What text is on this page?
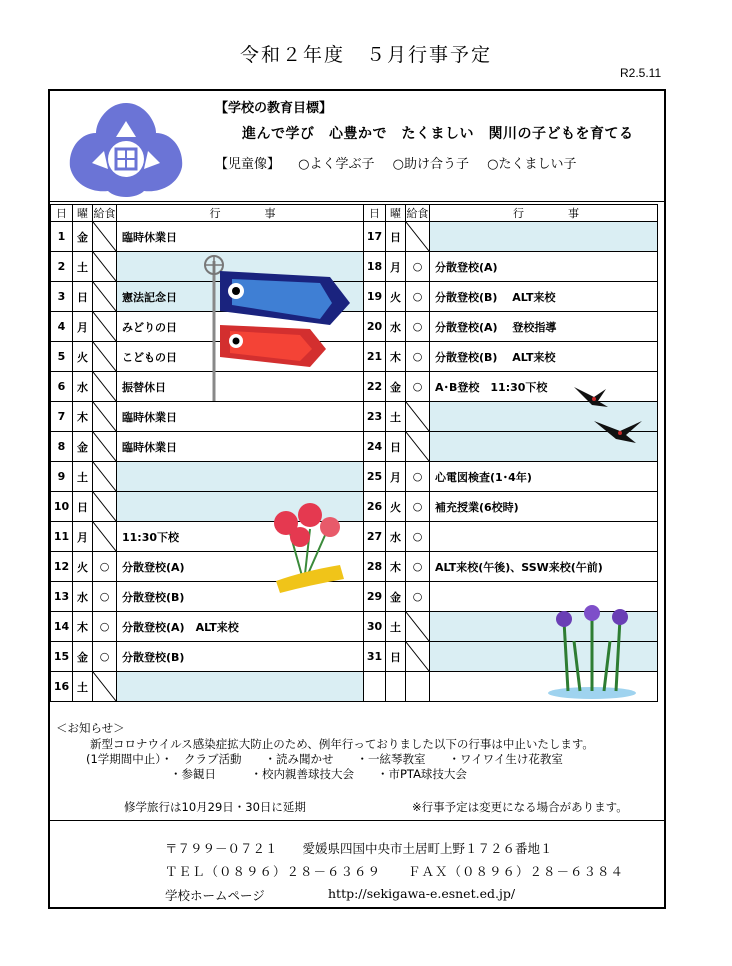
令和２年度　５月行事予定
R2.5.11
【学校の教育目標】
進んで学び　心豊かで　たくましい　関川の子どもを育てる
【児童像】 ○よく学ぶ子 ○助け合う子 ○たくましい子
日	曜	給食	行　　　　事
1	金		臨時休業日
2	土	

3	日		憲法記念日
4	月		みどりの日
5	火		こどもの日
6	水		振替休日
7	木		臨時休業日
8	金		臨時休業日
9	土	

10	日	

11	月		11:30下校
12	火	○	分散登校(A)
13	水	○	分散登校(B)
14	木	○	分散登校(A)　ALT来校
15	金	○	分散登校(B)
16	土	

日	曜	給食	行　　　　事
17	日	

18	月	○	分散登校(A)
19	火	○	分散登校(B)　 ALT来校
20	水	○	分散登校(A)　 登校指導
21	木	○	分散登校(B)　 ALT来校
22	金	○	A･B登校　11:30下校
23	土	

24	日	

25	月	○	心電図検査(1･4年)
26	火	○	補充授業(6校時)
27	水	○	
28	木	○	ALT来校(午後)、SSW来校(午前)
29	金	○	
30	土	

31	日	

＜お知らせ＞

新型コロナウイルス感染症拡大防止のため、例年行っておりました以下の行事は中止いたします。

(1学期間中止）・　クラブ活動　　・読み聞かせ　　・一絃琴教室　　・ワイワイ生け花教室

・参観日　　　・校内親善球技大会　　・市PTA球技大会

修学旅行は10月29日・30日に延期	※行事予定は変更になる場合があります。

〒７９９－０７２１　　愛媛県四国中央市土居町上野１７２６番地１

ＴＥＬ（０８９６）２８－６３６９　　ＦＡＸ（０８９６）２８－６３８４

学校ホームページ	http://sekigawa-e.esnet.ed.jp/
